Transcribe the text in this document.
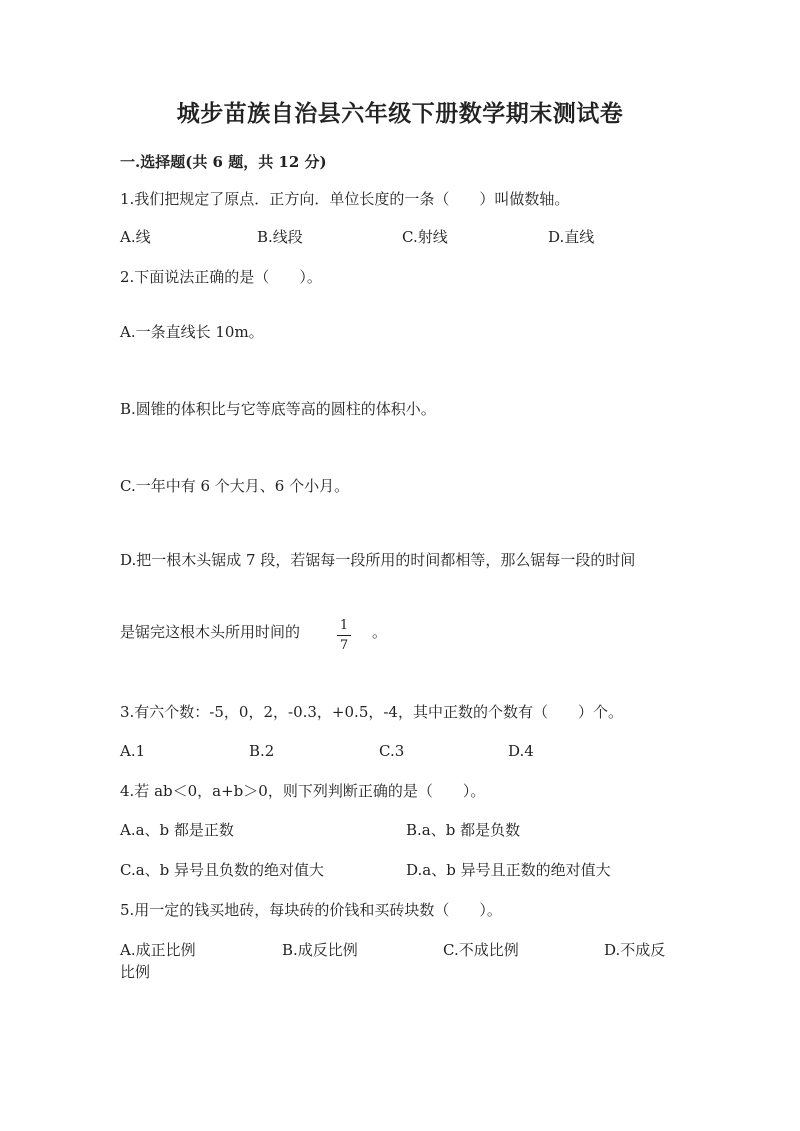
城步苗族自治县六年级下册数学期末测试卷
一.选择题(共 6 题，共 12 分)
1.我们把规定了原点．正方向．单位长度的一条（　　）叫做数轴。
A.线	B.线段	C.射线	D.直线
2.下面说法正确的是（　　）。
A.一条直线长 10m。
B.圆锥的体积比与它等底等高的圆柱的体积小。
C.一年中有 6 个大月、6 个小月。
D.把一根木头锯成 7 段，若锯每一段所用的时间都相等，那么锯每一段的时间
是锯完这根木头所用时间的	1
7
。
3.有六个数：-5，0，2，-0.3，+0.5，-4，其中正数的个数有（　　）个。
A.1	B.2	C.3	D.4
4.若 ab＜0，a+b＞0，则下列判断正确的是（　　）。
A.a、b 都是正数	B.a、b 都是负数
C.a、b 异号且负数的绝对值大	D.a、b 异号且正数的绝对值大
5.用一定的钱买地砖，每块砖的价钱和买砖块数（　　）。
A.成正比例	B.成反比例	C.不成比例	D.不成反
比例
